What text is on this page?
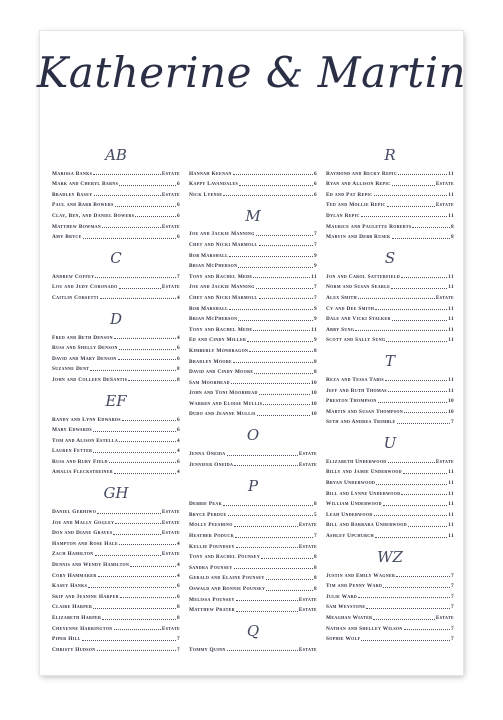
Katherine & Martin
AB
Marissa Banks	Estate
Mark and Cheryl Barns	6
Bradley Basey	Estate
Paul and Barb Bowers	6
Clay, Ben, and Daniel Bowers	6
Matthew Bowman	Estate
Amy Bryce	6
C
Andrew Coffey	7
Lou and Judy Coronado	Estate
Caitlin Corsetti	4
D
Fred and Beth Denson	4
Russ and Shelly Denson	6
David and Mary Denson	6
Suzanne Dent	8
John and Colleen DeSantis	8
EF
Randy and Lynn Edwards	6
Mary Edwards	6
Tom and Alison Estella	4
Lauren Fetter	4
Russ and Ruby Field	6
Amalia Fleckstreiner	4
GH
Daniel Gerhiwo	Estate
Joe and Mally Gogley	Estate
Don and Diane Graves	Estate
Hampton and Rose Hale	4
Zach Hamilton	Estate
Dennis and Wendy Hamilton	4
Cory Hammaker	4
Kasey Hanks	6
Skip and Jeanine Harper	6
Claire Harper	8
Elizabeth Harper	8
Cheyenne Harrington	Estate
Piper Hill	7
Christy Hudson	7
Hannah Keenan	6
Kappy Lavandales	6
Nick Lyense	6
M
Joe and Jackie Manning	7
Chet and Nicki Marmoll	7
Bob Marshall	9
Brian McPherson	9
Tony and Rachel Mede	11
Joe and Jackie Manning	7
Chet and Nicki Marmoll	7
Bob Marshall	9
Brian McPherson	9
Tony and Rachel Mede	11
Ed and Cindy Miller	9
Kimberly Mondragon	8
Bradley Moore	8
David and Cindy Moore	8
Sam Moorhead	10
John and Toni Moorhead	10
Warren and Eloise Mullis	10
Dudo and Jeanne Mullis	10
O
Jenna Oneida	Estate
Jennifer Oneida	Estate
P
Debbie Peak	8
Bryce Perdue	5
Molly Peeshino	Estate
Heather Poduck	7
Kellie Poundsey	Estate
Tony and Rachel Pounsey	8
Sandra Pounsey	8
Gerald and Elaine Pounsey	8
Oswald and Bonnie Pounsey	8
Melissa Pounsey	Estate
Matthew Prater	Estate
Q
Tommy Quinn	Estate
R
Raymond and Becky Repic	11
Ryan and Allison Repic	Estate
Ed and Pat Repic	11
Ted and Mollie Repic	Estate
Dylan Repic	11
Maurice and Paulette Roberts	8
Marvin and Debb Rusek	8
S
Jon and Carol Satterfield	11
Norm and Susan Searle	11
Alex Smith	Estate
Cy and Dee Smith	11
Dale and Vicki Stalker	11
Abby Sung	11
Scott and Sally Sung	11
T
Reza and Tessa Tabis	11
Jeff and Ruth Thomas	11
Preston Thompson	10
Martin and Susan Thompson	10
Seth and Andrea Trimble	7
U
Elizabeth Underwood	Estate
Billy and Jamie Underwood	11
Bryan Underwood	11
Bill and Lynne Underwood	11
William Underwood	11
Leah Underwood	11
Bill and Barbara Underwood	11
Ashley Upchurch	11
WZ
Justin and Emily Wagner	7
Tim and Penny Ward	7
Julie Ward	7
Sam Weystone	7
Meaghan Wiater	Estate
Nathan and Shelley Wilson	7
Sophie Wolf	7
